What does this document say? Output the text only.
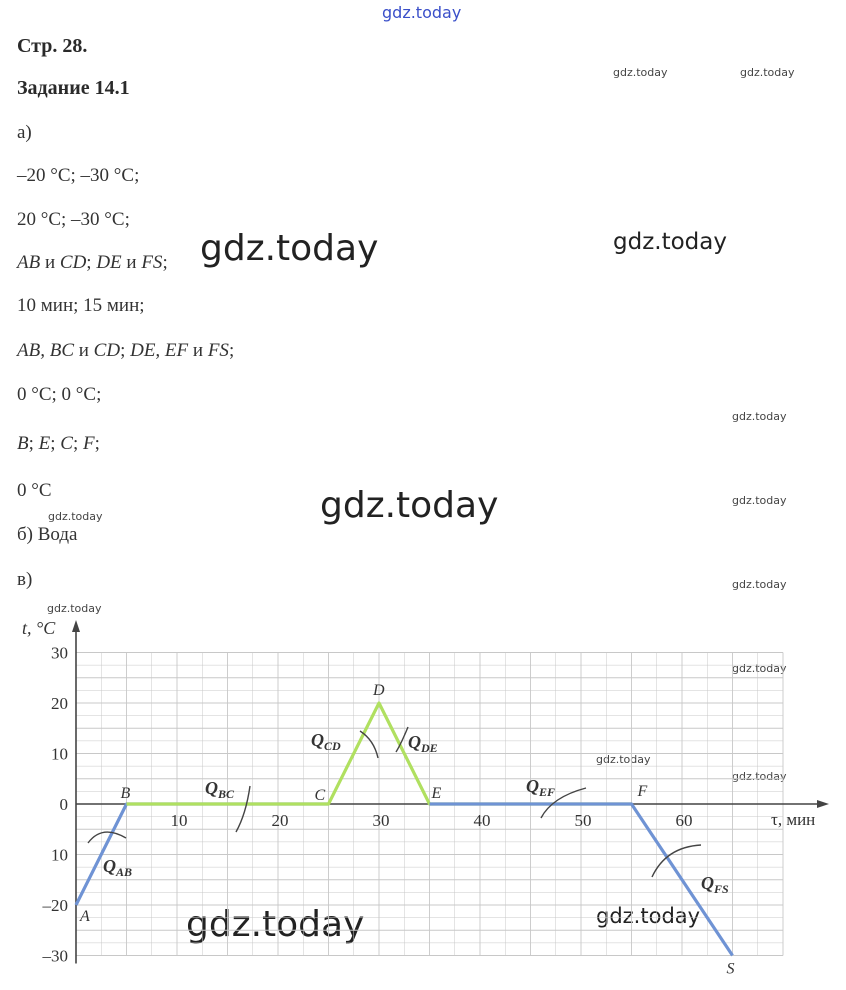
gdz.today
gdz.today	gdz.today
gdz.today	gdz.today
gdz.today
gdz.today	gdz.today
gdz.today
gdz.today
gdz.today
gdz.today
gdz.today
gdz.today
gdz.today
gdz.today
Стр. 28.
Задание 14.1
а)
–20 °С; –30 °С;
20 °С; –30 °С;
AB и CD; DE и FS;
10 мин; 15 мин;
AB, BC и CD; DE, EF и FS;
0 °С; 0 °С;
B; E; C; F;
0 °С
б) Вода
в)
t, °C
τ, мин
30
20
10
0
10
–20
–30
10	20	30	40	50	60
A
B	C
D
E	F
S
$Q_{AB}$
$Q_{BC}$
$Q_{CD}$	$Q_{DE}$
$Q_{EF}$
$Q_{FS}$
